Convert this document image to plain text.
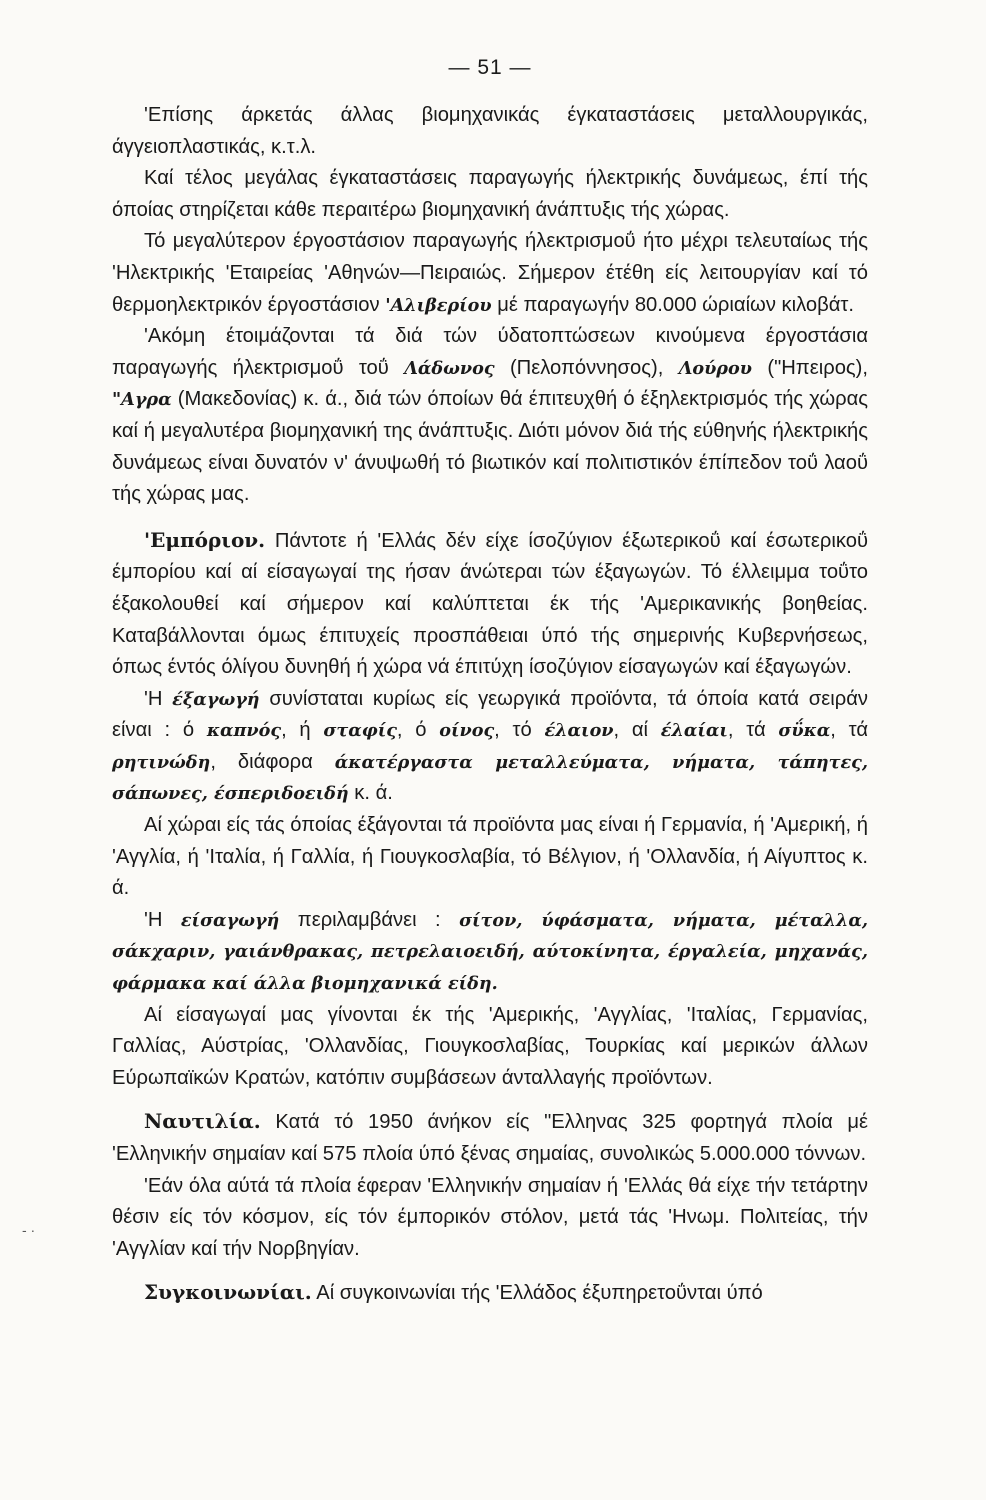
— 51 —

'Επίσης άρκετάς άλλας βιομηχανικάς έγκαταστάσεις μεταλλουργικάς, άγγειοπλαστικάς, κ.τ.λ.

Καί τέλος μεγάλας έγκαταστάσεις παραγωγής ήλεκτρικής δυνάμεως, έπί τής όποίας στηρίζεται κάθε περαιτέρω βιομηχανική άνάπτυξις τής χώρας.

Τό μεγαλύτερον έργοστάσιον παραγωγής ήλεκτρισμοΰ ήτο μέχρι τελευταίως τής 'Ηλεκτρικής 'Εταιρείας 'Αθηνών—Πειραιώς. Σήμερον έτέθη είς λειτουργίαν καί τό θερμοηλεκτρικόν έργοστάσιον 'Αλιβερίου μέ παραγωγήν 80.000 ώριαίων κιλοβάτ.

'Ακόμη έτοιμάζονται τά διά τών ύδατοπτώσεων κινούμενα έργοστάσια παραγωγής ήλεκτρισμοΰ τοΰ Λάδωνος (Πελοπόννησος), Λούρου ("Ηπειρος), "Αγρα (Μακεδονίας) κ. ά., διά τών όποίων θά έπιτευχθή ό έξηλεκτρισμός τής χώρας καί ή μεγαλυτέρα βιομηχανική της άνάπτυξις. Διότι μόνον διά τής εύθηνής ήλεκτρικής δυνάμεως είναι δυνατόν ν' άνυψωθή τό βιωτικόν καί πολιτιστικόν έπίπεδον τοΰ λαοΰ τής χώρας μας.

'Εμπόριον. Πάντοτε ή 'Ελλάς δέν είχε ίσοζύγιον έξωτερικοΰ καί έσωτερικοΰ έμπορίου καί αί είσαγωγαί της ήσαν άνώτεραι τών έξαγωγών. Τό έλλειμμα τοΰτο έξακολουθεί καί σήμερον καί καλύπτεται έκ τής 'Αμερικανικής βοηθείας. Καταβάλλονται όμως έπιτυχείς προσπάθειαι ύπό τής σημερινής Κυβερνήσεως, όπως έντός όλίγου δυνηθή ή χώρα νά έπιτύχη ίσοζύγιον είσαγωγών καί έξαγωγών.

'Η έξαγωγή συνίσταται κυρίως είς γεωργικά προϊόντα, τά όποία κατά σειράν είναι : ό καπνός, ή σταφίς, ό οίνος, τό έλαιον, αί έλαίαι, τά σΰκα, τά ρητινώδη, διάφορα άκατέργαστα μεταλλεύματα, νήματα, τάπητες, σάπωνες, έσπεριδοειδή κ. ά.

Αί χώραι είς τάς όποίας έξάγονται τά προϊόντα μας είναι ή Γερμανία, ή 'Αμερική, ή 'Αγγλία, ή 'Ιταλία, ή Γαλλία, ή Γιουγκοσλαβία, τό Βέλγιον, ή 'Ολλανδία, ή Αίγυπτος κ. ά.

'Η είσαγωγή περιλαμβάνει : σίτον, ύφάσματα, νήματα, μέταλλα, σάκχαριν, γαιάνθρακας, πετρελαιοειδή, αύτοκίνητα, έργαλεία, μηχανάς, φάρμακα καί άλλα βιομηχανικά είδη.

Αί είσαγωγαί μας γίνονται έκ τής 'Αμερικής, 'Αγγλίας, 'Ιταλίας, Γερμανίας, Γαλλίας, Αύστρίας, 'Ολλανδίας, Γιουγκοσλαβίας, Τουρκίας καί μερικών άλλων Εύρωπαϊκών Κρατών, κατόπιν συμβάσεων άνταλλαγής προϊόντων.

Ναυτιλία. Κατά τό 1950 άνήκον είς "Ελληνας 325 φορτηγά πλοία μέ 'Ελληνικήν σημαίαν καί 575 πλοία ύπό ξένας σημαίας, συνολικώς 5.000.000 τόννων.

'Εάν όλα αύτά τά πλοία έφεραν 'Ελληνικήν σημαίαν ή 'Ελλάς θά είχε τήν τετάρτην θέσιν είς τόν κόσμον, είς τόν έμπορικόν στόλον, μετά τάς 'Ηνωμ. Πολιτείας, τήν 'Αγγλίαν καί τήν Νορβηγίαν.

Συγκοινωνίαι. Αί συγκοινωνίαι τής 'Ελλάδος έξυπηρετοΰνται ύπό

- ·
